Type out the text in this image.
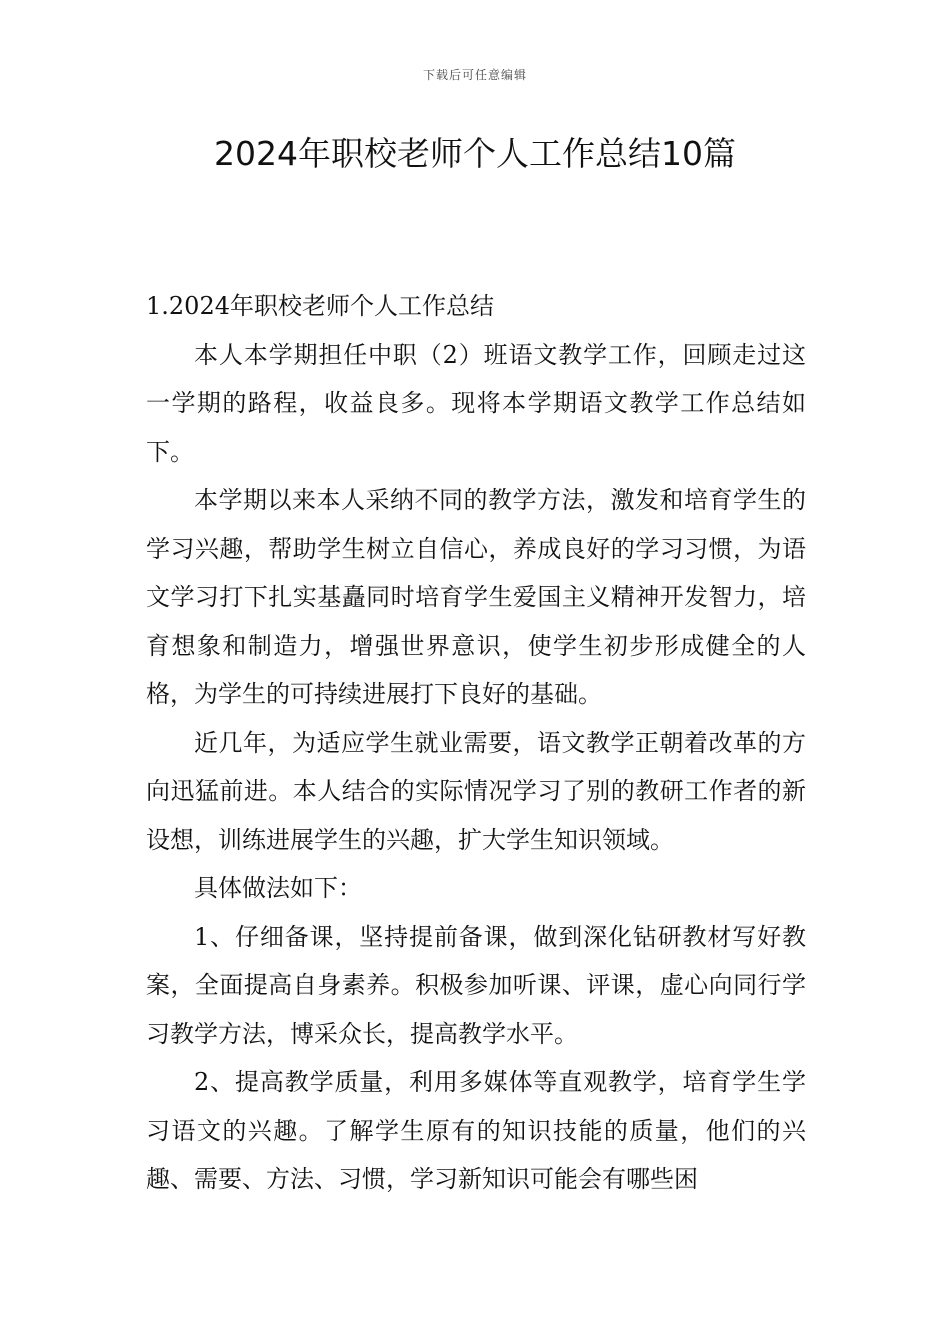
下载后可任意编辑
2024年职校老师个人工作总结10篇

1.2024年职校老师个人工作总结

本人本学期担任中职（2）班语文教学工作，回顾走过这一学期的路程，收益良多。现将本学期语文教学工作总结如下。

本学期以来本人采纳不同的教学方法，激发和培育学生的学习兴趣，帮助学生树立自信心，养成良好的学习习惯，为语文学习打下扎实基矗同时培育学生爱国主义精神开发智力，培育想象和制造力，增强世界意识，使学生初步形成健全的人格，为学生的可持续进展打下良好的基础。

近几年，为适应学生就业需要，语文教学正朝着改革的方向迅猛前进。本人结合的实际情况学习了别的教研工作者的新设想，训练进展学生的兴趣，扩大学生知识领域。

具体做法如下：

1、仔细备课，坚持提前备课，做到深化钻研教材写好教案，全面提高自身素养。积极参加听课、评课，虚心向同行学习教学方法，博采众长，提高教学水平。

2、提高教学质量，利用多媒体等直观教学，培育学生学习语文的兴趣。了解学生原有的知识技能的质量，他们的兴趣、需要、方法、习惯，学习新知识可能会有哪些困
